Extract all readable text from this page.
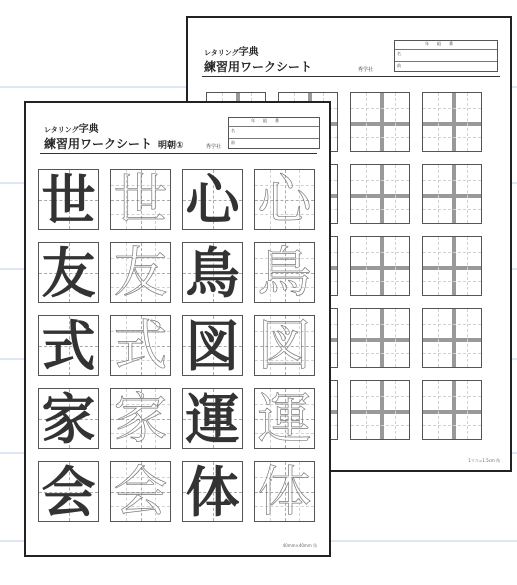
レタリング字典
練習用ワークシート	秀学社
年　　組　　番
名
前
1マス=1.5cm 角
レタリング字典
練習用ワークシート 明朝①	秀学社
年　　組　　番
名
前
世 世 心 心
友 友 鳥 鳥
式 式 図 図
家 家 運 運
会 会 体 体
40mm×40mm 角
